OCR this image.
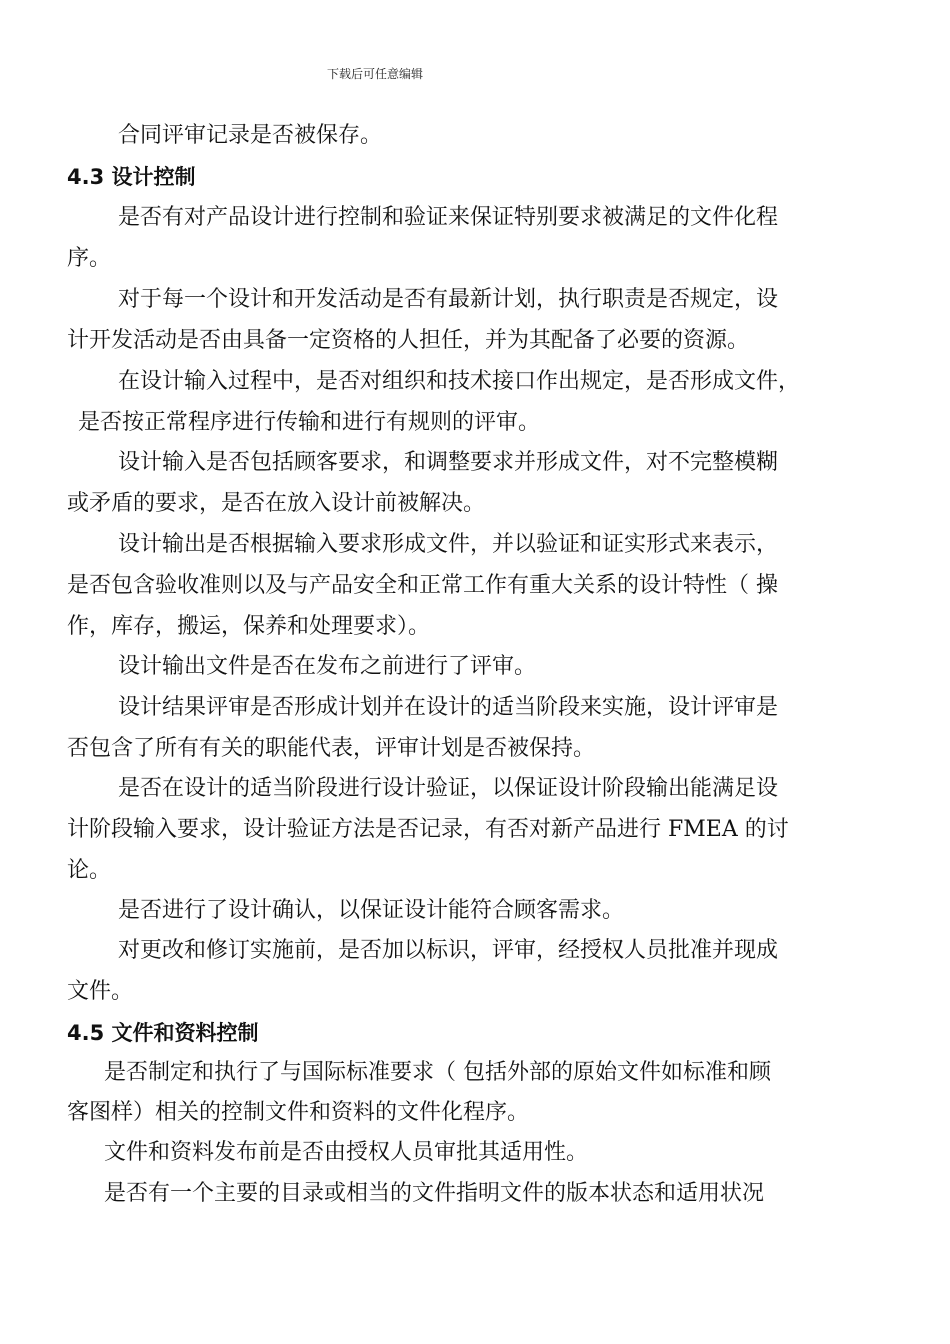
下载后可任意编辑
合同评审记录是否被保存。
4.3 设计控制
是否有对产品设计进行控制和验证来保证特别要求被满足的文件化程
序。
对于每一个设计和开发活动是否有最新计划，执行职责是否规定，设
计开发活动是否由具备一定资格的人担任，并为其配备了必要的资源。
在设计输入过程中，是否对组织和技术接口作出规定，是否形成文件，
是否按正常程序进行传输和进行有规则的评审。
设计输入是否包括顾客要求，和调整要求并形成文件，对不完整模糊
或矛盾的要求，是否在放入设计前被解决。
设计输出是否根据输入要求形成文件，并以验证和证实形式来表示，
是否包含验收准则以及与产品安全和正常工作有重大关系的设计特性（ 操
作，库存，搬运，保养和处理要求）。
设计输出文件是否在发布之前进行了评审。
设计结果评审是否形成计划并在设计的适当阶段来实施，设计评审是
否包含了所有有关的职能代表，评审计划是否被保持。
是否在设计的适当阶段进行设计验证，以保证设计阶段输出能满足设
计阶段输入要求，设计验证方法是否记录，有否对新产品进行 FMEA 的讨
论。
是否进行了设计确认，以保证设计能符合顾客需求。
对更改和修订实施前，是否加以标识，评审，经授权人员批准并现成
文件。
4.5 文件和资料控制
是否制定和执行了与国际标准要求（ 包括外部的原始文件如标准和顾
客图样）相关的控制文件和资料的文件化程序。
文件和资料发布前是否由授权人员审批其适用性。
是否有一个主要的目录或相当的文件指明文件的版本状态和适用状况
